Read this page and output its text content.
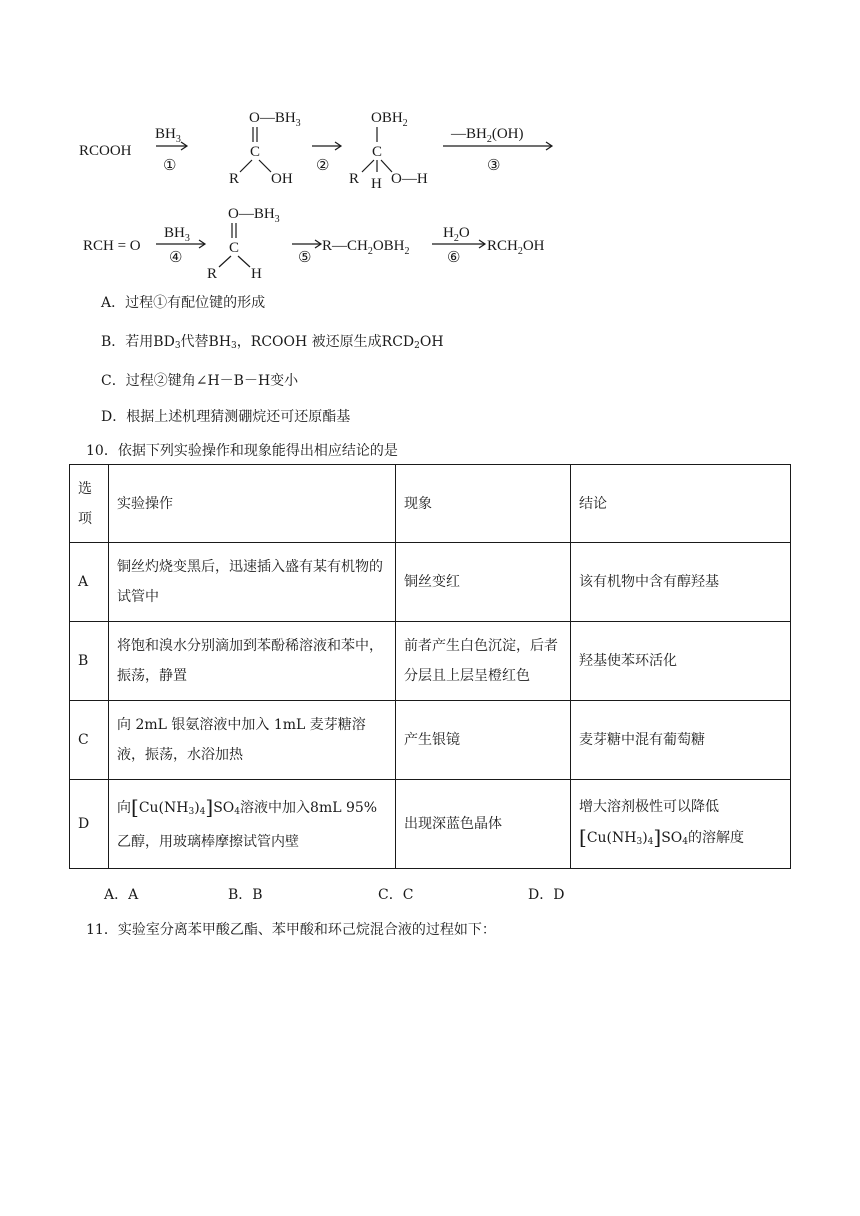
RCOOH
$BH_3$
①
$O—BH_3$
C
R OH
②
$OBH_2$
C
R H O—H
$—BH_2(OH)$
③
RCH = O
$BH_3$
④
$O—BH_3$
C
R H
⑤
$R—CH_2OBH_2$
$H_2O$
⑥
$RCH_2OH$
A．过程①有配位键的形成
B．若用$BD_3$代替$BH_3$，RCOOH 被还原生成$RCD_2OH$
C．过程②键角∠H－B－H变小
D．根据上述机理猜测硼烷还可还原酯基
10．依据下列实验操作和现象能得出相应结论的是
选项	实验操作	现象	结论
A	铜丝灼烧变黑后，迅速插入盛有某有机物的试管中	铜丝变红	该有机物中含有醇羟基
B	将饱和溴水分别滴加到苯酚稀溶液和苯中，振荡，静置	前者产生白色沉淀，后者分层且上层呈橙红色	羟基使苯环活化
C	向 2mL 银氨溶液中加入 1mL 麦芽糖溶液，振荡，水浴加热	产生银镜	麦芽糖中混有葡萄糖
D	向$[Cu(NH_3)_4]SO_4$溶液中加入8mL 95%乙醇，用玻璃棒摩擦试管内壁	出现深蓝色晶体	增大溶剂极性可以降低$[Cu(NH_3)_4]SO_4$的溶解度
A．A	B．B	C．C	D．D
11．实验室分离苯甲酸乙酯、苯甲酸和环己烷混合液的过程如下：
